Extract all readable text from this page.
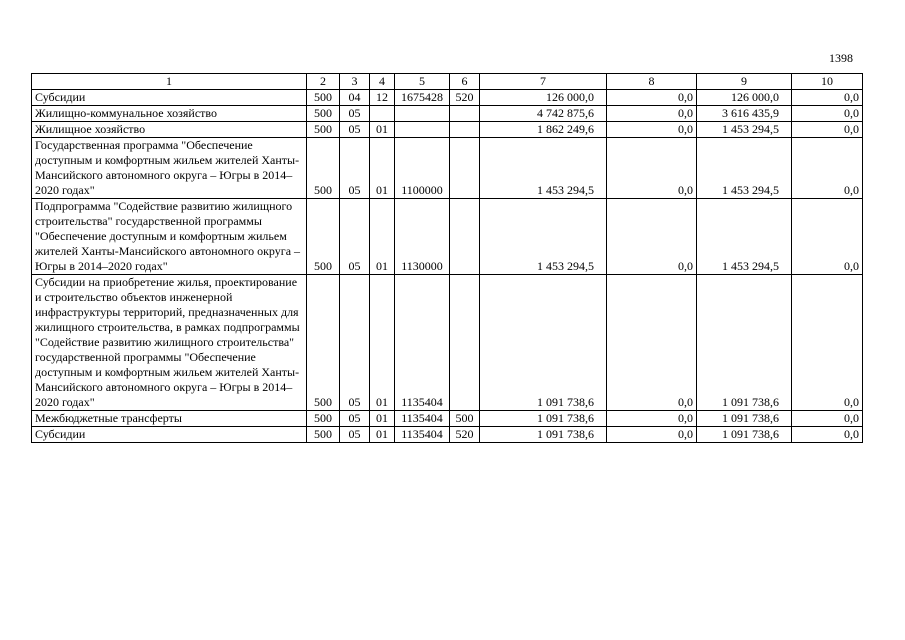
1398
1	2	3	4	5	6	7	8	9	10
Субсидии	500	04	12	1675428	520	126 000,0	0,0	126 000,0	0,0
Жилищно-коммунальное хозяйство	500	05				4 742 875,6	0,0	3 616 435,9	0,0
Жилищное хозяйство	500	05	01			1 862 249,6	0,0	1 453 294,5	0,0
Государственная программа "Обеспечение доступным и комфортным жильем жителей Ханты-Мансийского автономного округа – Югры в 2014–2020 годах"	500	05	01	1100000		1 453 294,5	0,0	1 453 294,5	0,0
Подпрограмма "Содействие развитию жилищного строительства" государственной программы "Обеспечение доступным и комфортным жильем жителей Ханты-Мансийского автономного округа – Югры в 2014–2020 годах"	500	05	01	1130000		1 453 294,5	0,0	1 453 294,5	0,0
Субсидии на приобретение жилья, проектирование и строительство объектов инженерной инфраструктуры территорий, предназначенных для жилищного строительства, в рамках подпрограммы "Содействие развитию жилищного строительства" государственной программы "Обеспечение доступным и комфортным жильем жителей Ханты-Мансийского автономного округа – Югры в 2014–2020 годах"	500	05	01	1135404		1 091 738,6	0,0	1 091 738,6	0,0
Межбюджетные трансферты	500	05	01	1135404	500	1 091 738,6	0,0	1 091 738,6	0,0
Субсидии	500	05	01	1135404	520	1 091 738,6	0,0	1 091 738,6	0,0
